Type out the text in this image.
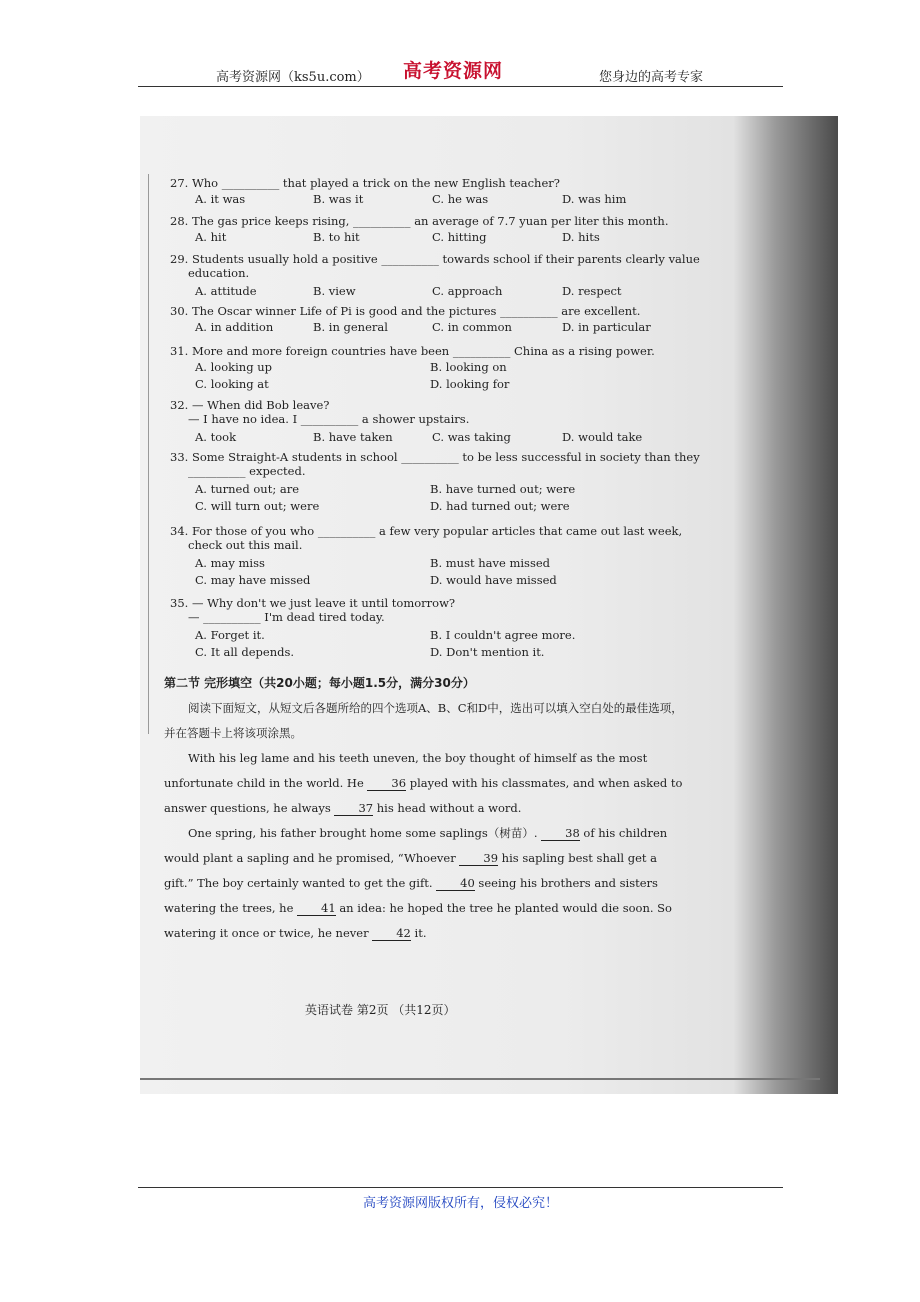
高考资源网（ks5u.com） 高考资源网	您身边的高考专家
27. Who __________ that played a trick on the new English teacher?
A. it was	B. was it	C. he was	D. was him
28. The gas price keeps rising, __________ an average of 7.7 yuan per liter this month.
A. hit	B. to hit	C. hitting	D. hits
29. Students usually hold a positive __________ towards school if their parents clearly value
education.
A. attitude	B. view	C. approach	D. respect
30. The Oscar winner Life of Pi is good and the pictures __________ are excellent.
A. in addition	B. in general	C. in common	D. in particular
31. More and more foreign countries have been __________ China as a rising power.
A. looking up	B. looking on
C. looking at	D. looking for
32. — When did Bob leave?
— I have no idea. I __________ a shower upstairs.
A. took	B. have taken	C. was taking	D. would take
33. Some Straight-A students in school __________ to be less successful in society than they
__________ expected.
A. turned out; are	B. have turned out; were
C. will turn out; were	D. had turned out; were
34. For those of you who __________ a few very popular articles that came out last week,
check out this mail.
A. may miss	B. must have missed
C. may have missed	D. would have missed
35. — Why don't we just leave it until tomorrow?
— __________ I'm dead tired today.
A. Forget it.	B. I couldn't agree more.
C. It all depends.	D. Don't mention it.
第二节 完形填空（共20小题；每小题1.5分，满分30分）

阅读下面短文，从短文后各题所给的四个选项A、B、C和D中，选出可以填入空白处的最佳选项，并在答题卡上将该项涂黑。

With his leg lame and his teeth uneven, the boy thought of himself as the most unfortunate child in the world. He 36 played with his classmates, and when asked to answer questions, he always 37 his head without a word.

One spring, his father brought home some saplings（树苗）. 38 of his children would plant a sapling and he promised, “Whoever 39 his sapling best shall get a gift.” The boy certainly wanted to get the gift. 40 seeing his brothers and sisters watering the trees, he 41 an idea: he hoped the tree he planted would die soon. So watering it once or twice, he never 42 it.

英语试卷 第2页 （共12页）
高考资源网版权所有，侵权必究！
